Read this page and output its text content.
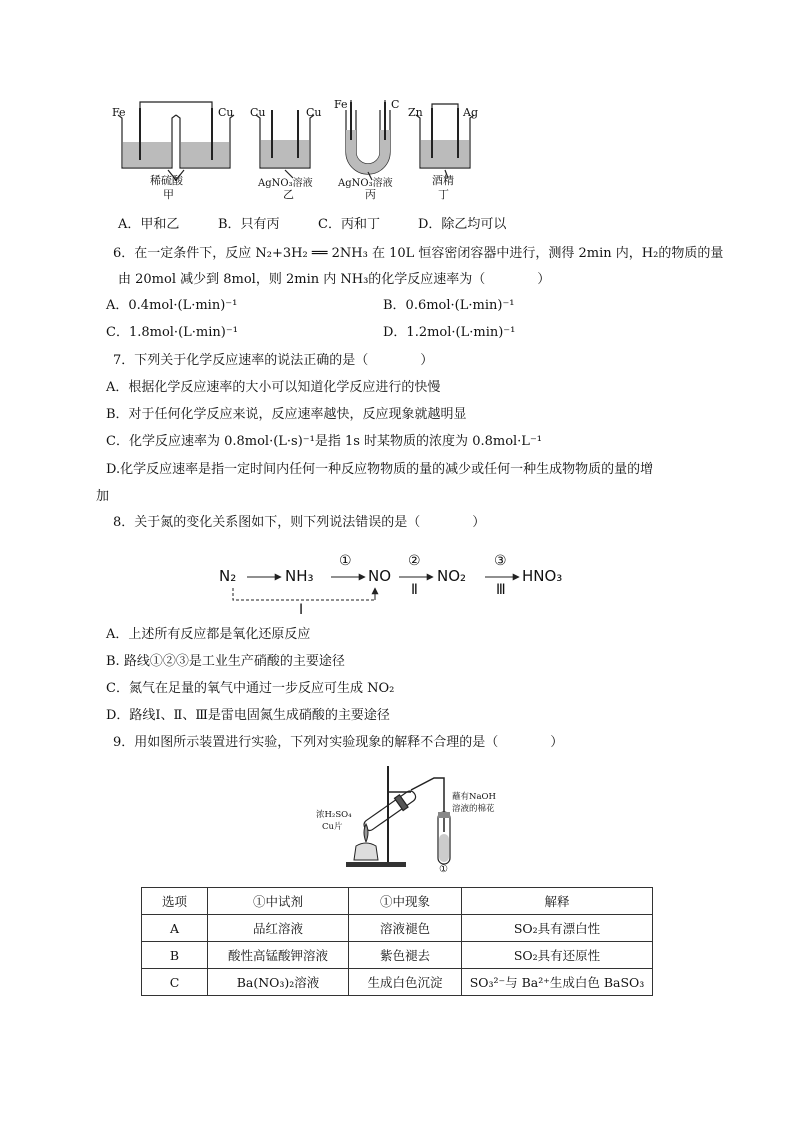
Fe	Cu
稀硫酸
甲
Cu	Cu
AgNO₃溶液
乙
Fe	C
AgNO₃溶液
丙
Zn	Ag
酒精
丁
A．甲和乙	B．只有丙	C．丙和丁	D．除乙均可以
6．在一定条件下，反应 N₂+3H₂ ══ 2NH₃ 在 10L 恒容密闭容器中进行，测得 2min 内，H₂的物质的量
由 20mol 减少到 8mol，则 2min 内 NH₃的化学反应速率为（　　　　）
A．0.4mol·(L·min)⁻¹	B．0.6mol·(L·min)⁻¹
C．1.8mol·(L·min)⁻¹	D．1.2mol·(L·min)⁻¹
7．下列关于化学反应速率的说法正确的是（　　　　）
A．根据化学反应速率的大小可以知道化学反应进行的快慢
B．对于任何化学反应来说，反应速率越快，反应现象就越明显
C．化学反应速率为 0.8mol·(L·s)⁻¹是指 1s 时某物质的浓度为 0.8mol·L⁻¹
D.化学反应速率是指一定时间内任何一种反应物物质的量的减少或任何一种生成物物质的量的增
加
8．关于氮的变化关系图如下，则下列说法错误的是（　　　　）
N₂	NH₃	NO	NO₂	HNO₃
①	②	③
Ⅱ	Ⅲ
Ⅰ
A．上述所有反应都是氧化还原反应
B. 路线①②③是工业生产硝酸的主要途径
C．氮气在足量的氧气中通过一步反应可生成 NO₂
D．路线Ⅰ、Ⅱ、Ⅲ是雷电固氮生成硝酸的主要途径
9．用如图所示装置进行实验，下列对实验现象的解释不合理的是（　　　　）
浓H₂SO₄
Cu片
蘸有NaOH
溶液的棉花
①
选项	①中试剂	①中现象	解释
A	品红溶液	溶液褪色	SO₂具有漂白性
B	酸性高锰酸钾溶液	紫色褪去	SO₂具有还原性
C	Ba(NO₃)₂溶液	生成白色沉淀	SO₃²⁻与 Ba²⁺生成白色 BaSO₃
